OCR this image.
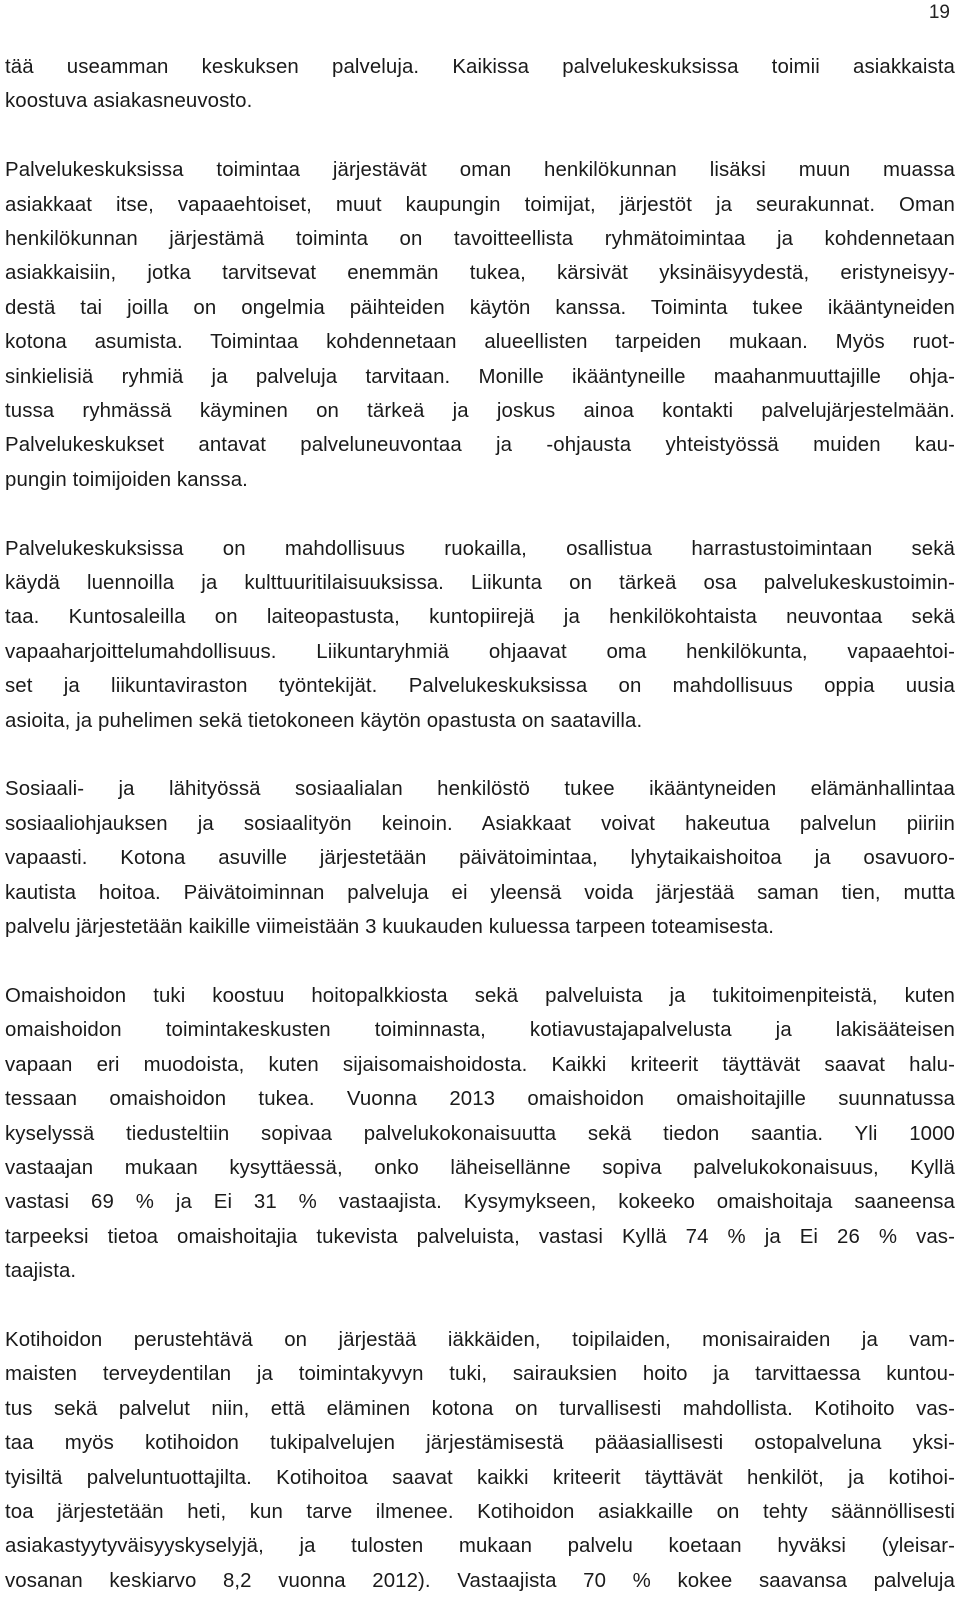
19

tää useamman keskuksen palveluja. Kaikissa palvelukeskuksissa toimii asiakkaista
koostuva asiakasneuvosto.

Palvelukeskuksissa toimintaa järjestävät oman henkilökunnan lisäksi muun muassa
asiakkaat itse, vapaaehtoiset, muut kaupungin toimijat, järjestöt ja seurakunnat. Oman
henkilökunnan järjestämä toiminta on tavoitteellista ryhmätoimintaa ja kohdennetaan
asiakkaisiin, jotka tarvitsevat enemmän tukea, kärsivät yksinäisyydestä, eristyneisyy-
destä tai joilla on ongelmia päihteiden käytön kanssa. Toiminta tukee ikääntyneiden
kotona asumista. Toimintaa kohdennetaan alueellisten tarpeiden mukaan. Myös ruot-
sinkielisiä ryhmiä ja palveluja tarvitaan. Monille ikääntyneille maahanmuuttajille ohja-
tussa ryhmässä käyminen on tärkeä ja joskus ainoa kontakti palvelujärjestelmään.
Palvelukeskukset antavat palveluneuvontaa ja -ohjausta yhteistyössä muiden kau-
pungin toimijoiden kanssa.

Palvelukeskuksissa on mahdollisuus ruokailla, osallistua harrastustoimintaan sekä
käydä luennoilla ja kulttuuritilaisuuksissa. Liikunta on tärkeä osa palvelukeskustoimin-
taa. Kuntosaleilla on laiteopastusta, kuntopiirejä ja henkilökohtaista neuvontaa sekä
vapaaharjoittelumahdollisuus. Liikuntaryhmiä ohjaavat oma henkilökunta, vapaaehtoi-
set ja liikuntaviraston työntekijät. Palvelukeskuksissa on mahdollisuus oppia uusia
asioita, ja puhelimen sekä tietokoneen käytön opastusta on saatavilla.

Sosiaali- ja lähityössä sosiaalialan henkilöstö tukee ikääntyneiden elämänhallintaa
sosiaaliohjauksen ja sosiaalityön keinoin. Asiakkaat voivat hakeutua palvelun piiriin
vapaasti. Kotona asuville järjestetään päivätoimintaa, lyhytaikaishoitoa ja osavuoro-
kautista hoitoa. Päivätoiminnan palveluja ei yleensä voida järjestää saman tien, mutta
palvelu järjestetään kaikille viimeistään 3 kuukauden kuluessa tarpeen toteamisesta.

Omaishoidon tuki koostuu hoitopalkkiosta sekä palveluista ja tukitoimenpiteistä, kuten
omaishoidon toimintakeskusten toiminnasta, kotiavustajapalvelusta ja lakisääteisen
vapaan eri muodoista, kuten sijaisomaishoidosta. Kaikki kriteerit täyttävät saavat halu-
tessaan omaishoidon tukea. Vuonna 2013 omaishoidon omaishoitajille suunnatussa
kyselyssä tiedusteltiin sopivaa palvelukokonaisuutta sekä tiedon saantia. Yli 1000
vastaajan mukaan kysyttäessä, onko läheisellänne sopiva palvelukokonaisuus, Kyllä
vastasi 69 % ja Ei 31 % vastaajista. Kysymykseen, kokeeko omaishoitaja saaneensa
tarpeeksi tietoa omaishoitajia tukevista palveluista, vastasi Kyllä 74 % ja Ei 26 % vas-
taajista.

Kotihoidon perustehtävä on järjestää iäkkäiden, toipilaiden, monisairaiden ja vam-
maisten terveydentilan ja toimintakyvyn tuki, sairauksien hoito ja tarvittaessa kuntou-
tus sekä palvelut niin, että eläminen kotona on turvallisesti mahdollista. Kotihoito vas-
taa myös kotihoidon tukipalvelujen järjestämisestä pääasiallisesti ostopalveluna yksi-
tyisiltä palveluntuottajilta. Kotihoitoa saavat kaikki kriteerit täyttävät henkilöt, ja kotihoi-
toa järjestetään heti, kun tarve ilmenee. Kotihoidon asiakkaille on tehty säännöllisesti
asiakastyytyväisyyskyselyjä, ja tulosten mukaan palvelu koetaan hyväksi (yleisar-
vosanan keskiarvo 8,2 vuonna 2012). Vastaajista 70 % kokee saavansa palveluja
